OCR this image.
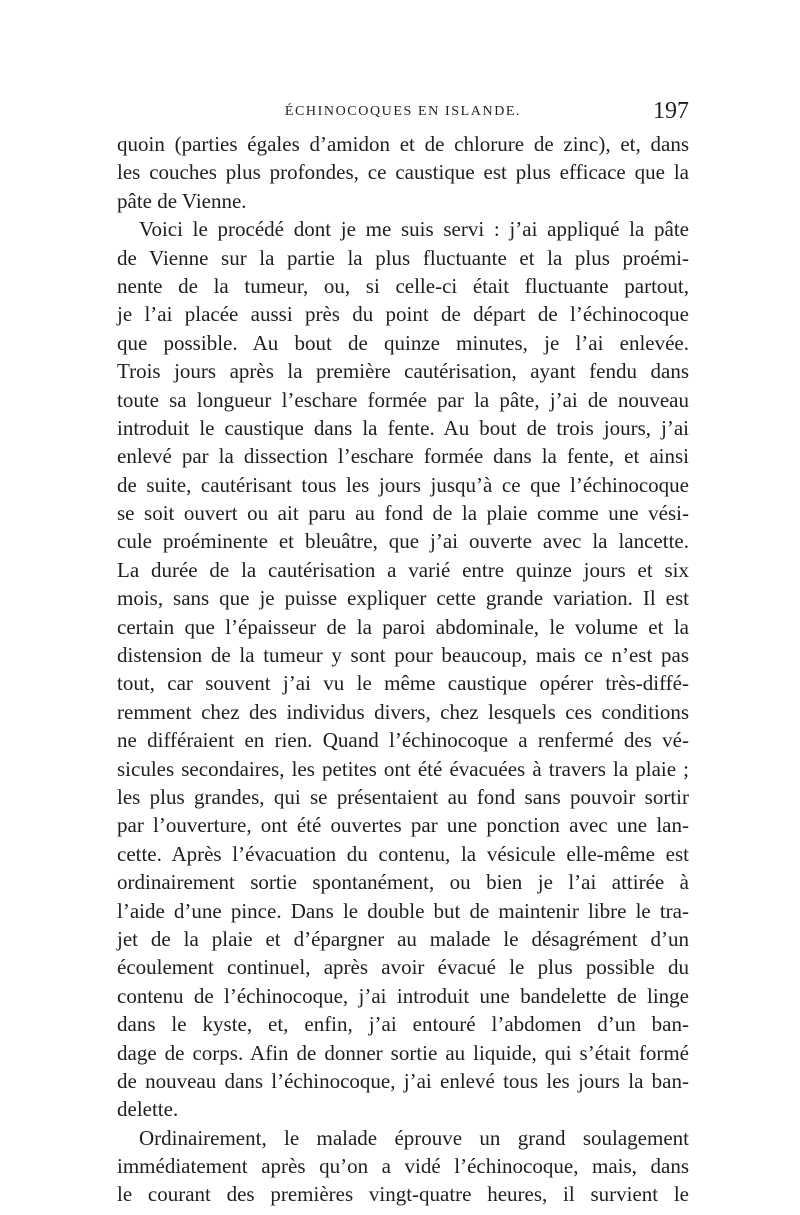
ÉCHINOCOQUES EN ISLANDE.	197
quoin (parties égales d’amidon et de chlorure de zinc), et, dans
les couches plus profondes, ce caustique est plus efficace que la
pâte de Vienne.
Voici le procédé dont je me suis servi : j’ai appliqué la pâte
de Vienne sur la partie la plus fluctuante et la plus proémi-
nente de la tumeur, ou, si celle-ci était fluctuante partout,
je l’ai placée aussi près du point de départ de l’échinocoque
que possible. Au bout de quinze minutes, je l’ai enlevée.
Trois jours après la première cautérisation, ayant fendu dans
toute sa longueur l’eschare formée par la pâte, j’ai de nouveau
introduit le caustique dans la fente. Au bout de trois jours, j’ai
enlevé par la dissection l’eschare formée dans la fente, et ainsi
de suite, cautérisant tous les jours jusqu’à ce que l’échinocoque
se soit ouvert ou ait paru au fond de la plaie comme une vési-
cule proéminente et bleuâtre, que j’ai ouverte avec la lancette.
La durée de la cautérisation a varié entre quinze jours et six
mois, sans que je puisse expliquer cette grande variation. Il est
certain que l’épaisseur de la paroi abdominale, le volume et la
distension de la tumeur y sont pour beaucoup, mais ce n’est pas
tout, car souvent j’ai vu le même caustique opérer très-diffé-
remment chez des individus divers, chez lesquels ces conditions
ne différaient en rien. Quand l’échinocoque a renfermé des vé-
sicules secondaires, les petites ont été évacuées à travers la plaie ;
les plus grandes, qui se présentaient au fond sans pouvoir sortir
par l’ouverture, ont été ouvertes par une ponction avec une lan-
cette. Après l’évacuation du contenu, la vésicule elle-même est
ordinairement sortie spontanément, ou bien je l’ai attirée à
l’aide d’une pince. Dans le double but de maintenir libre le tra-
jet de la plaie et d’épargner au malade le désagrément d’un
écoulement continuel, après avoir évacué le plus possible du
contenu de l’échinocoque, j’ai introduit une bandelette de linge
dans le kyste, et, enfin, j’ai entouré l’abdomen d’un ban-
dage de corps. Afin de donner sortie au liquide, qui s’était formé
de nouveau dans l’échinocoque, j’ai enlevé tous les jours la ban-
delette.
Ordinairement, le malade éprouve un grand soulagement
immédiatement après qu’on a vidé l’échinocoque, mais, dans
le courant des premières vingt-quatre heures, il survient le
